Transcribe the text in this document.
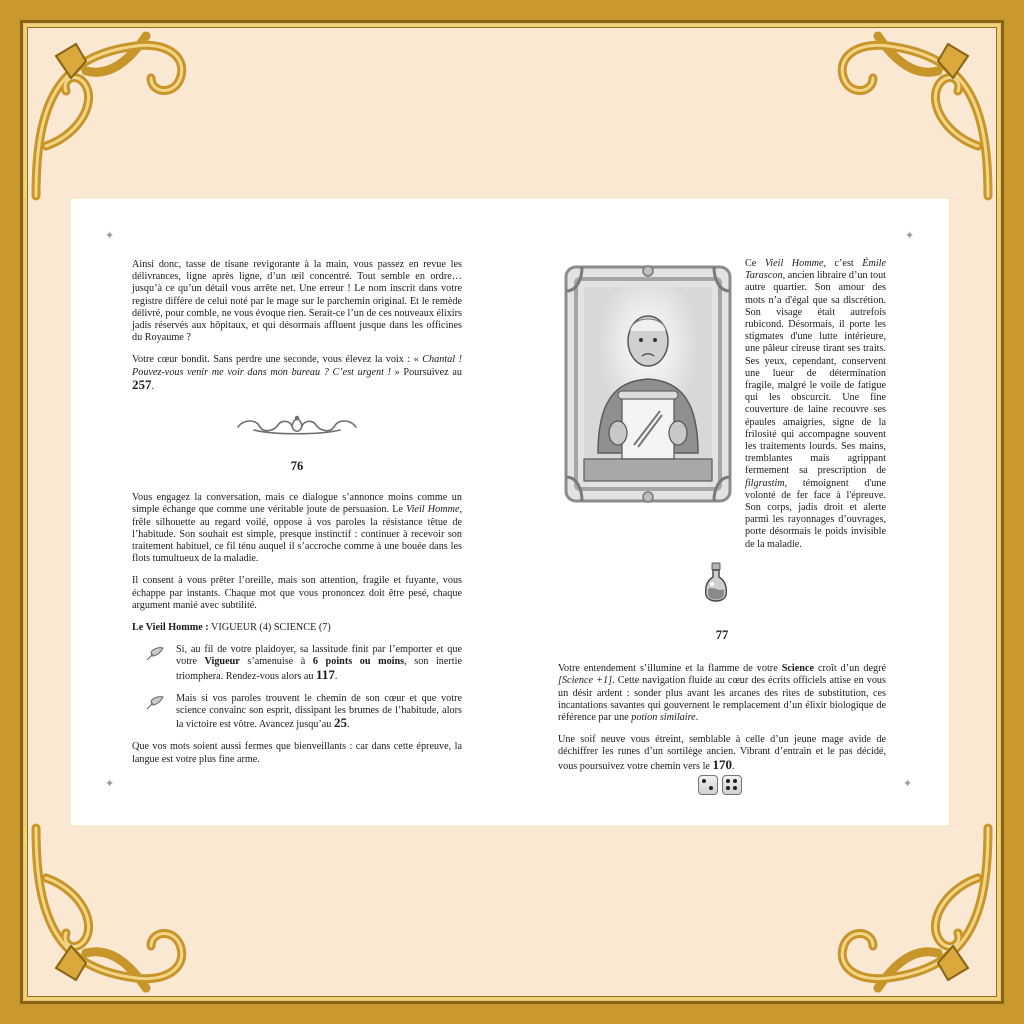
✦
✦

Ainsi donc, tasse de tisane revigorante à la main, vous passez en revue les délivrances, ligne après ligne, d’un œil concentré. Tout semble en ordre… jusqu’à ce qu’un détail vous arrête net. Une erreur ! Le nom inscrit dans votre registre diffère de celui noté par le mage sur le parchemin original. Et le remède délivré, pour comble, ne vous évoque rien. Serait-ce l’un de ces nouveaux élixirs jadis réservés aux hôpitaux, et qui désormais affluent jusque dans les officines du Royaume ?

Votre cœur bondit. Sans perdre une seconde, vous élevez la voix : « Chantal ! Pouvez-vous venir me voir dans mon bureau ? C’est urgent ! » Poursuivez au 257.

76

Vous engagez la conversation, mais ce dialogue s’annonce moins comme un simple échange que comme une véritable joute de persuasion. Le Vieil Homme, frêle silhouette au regard voilé, oppose à vos paroles la résistance têtue de l’habitude. Son souhait est simple, presque instinctif : continuer à recevoir son traitement habituel, ce fil ténu auquel il s’accroche comme à une bouée dans les flots tumultueux de la maladie.

Il consent à vous prêter l’oreille, mais son attention, fragile et fuyante, vous échappe par instants. Chaque mot que vous prononcez doit être pesé, chaque argument manié avec subtilité.

Le Vieil Homme : VIGUEUR (4) SCIENCE (7)

Si, au fil de votre plaidoyer, sa lassitude finit par l’emporter et que votre Vigueur s’amenuise à 6 points ou moins, son inertie triomphera. Rendez-vous alors au 117.
Mais si vos paroles trouvent le chemin de son cœur et que votre science convainc son esprit, dissipant les brumes de l’habitude, alors la victoire est vôtre. Avancez jusqu’au 25.

Que vos mots soient aussi fermes que bienveillants : car dans cette épreuve, la langue est votre plus fine arme.

✦
✦

Ce Vieil Homme, c’est Émile Tarascon, ancien libraire d’un tout autre quartier. Son amour des mots n’a d'égal que sa discrétion. Son visage était autrefois rubicond. Désormais, il porte les stigmates d'une lutte intérieure, une pâleur cireuse tirant ses traits. Ses yeux, cependant, conservent une lueur de détermination fragile, malgré le voile de fatigue qui les obscurcit. Une fine couverture de laine recouvre ses épaules amaigries, signe de la frilosité qui accompagne souvent les traitements lourds. Ses mains, tremblantes mais agrippant fermement sa prescription de filgrastim, témoignent d'une volonté de fer face à l'épreuve. Son corps, jadis droit et alerte parmi les rayonnages d’ouvrages, porte désormais le poids invisible de la maladie.

77

Votre entendement s’illumine et la flamme de votre Science croît d’un degré [Science +1]. Cette navigation fluide au cœur des écrits officiels attise en vous un désir ardent : sonder plus avant les arcanes des rites de substitution, ces incantations savantes qui gouvernent le remplacement d’un élixir biologique de référence par une potion similaire.

Une soif neuve vous étreint, semblable à celle d’un jeune mage avide de déchiffrer les runes d’un sortilège ancien. Vibrant d’entrain et le pas décidé, vous poursuivez votre chemin vers le 170.
